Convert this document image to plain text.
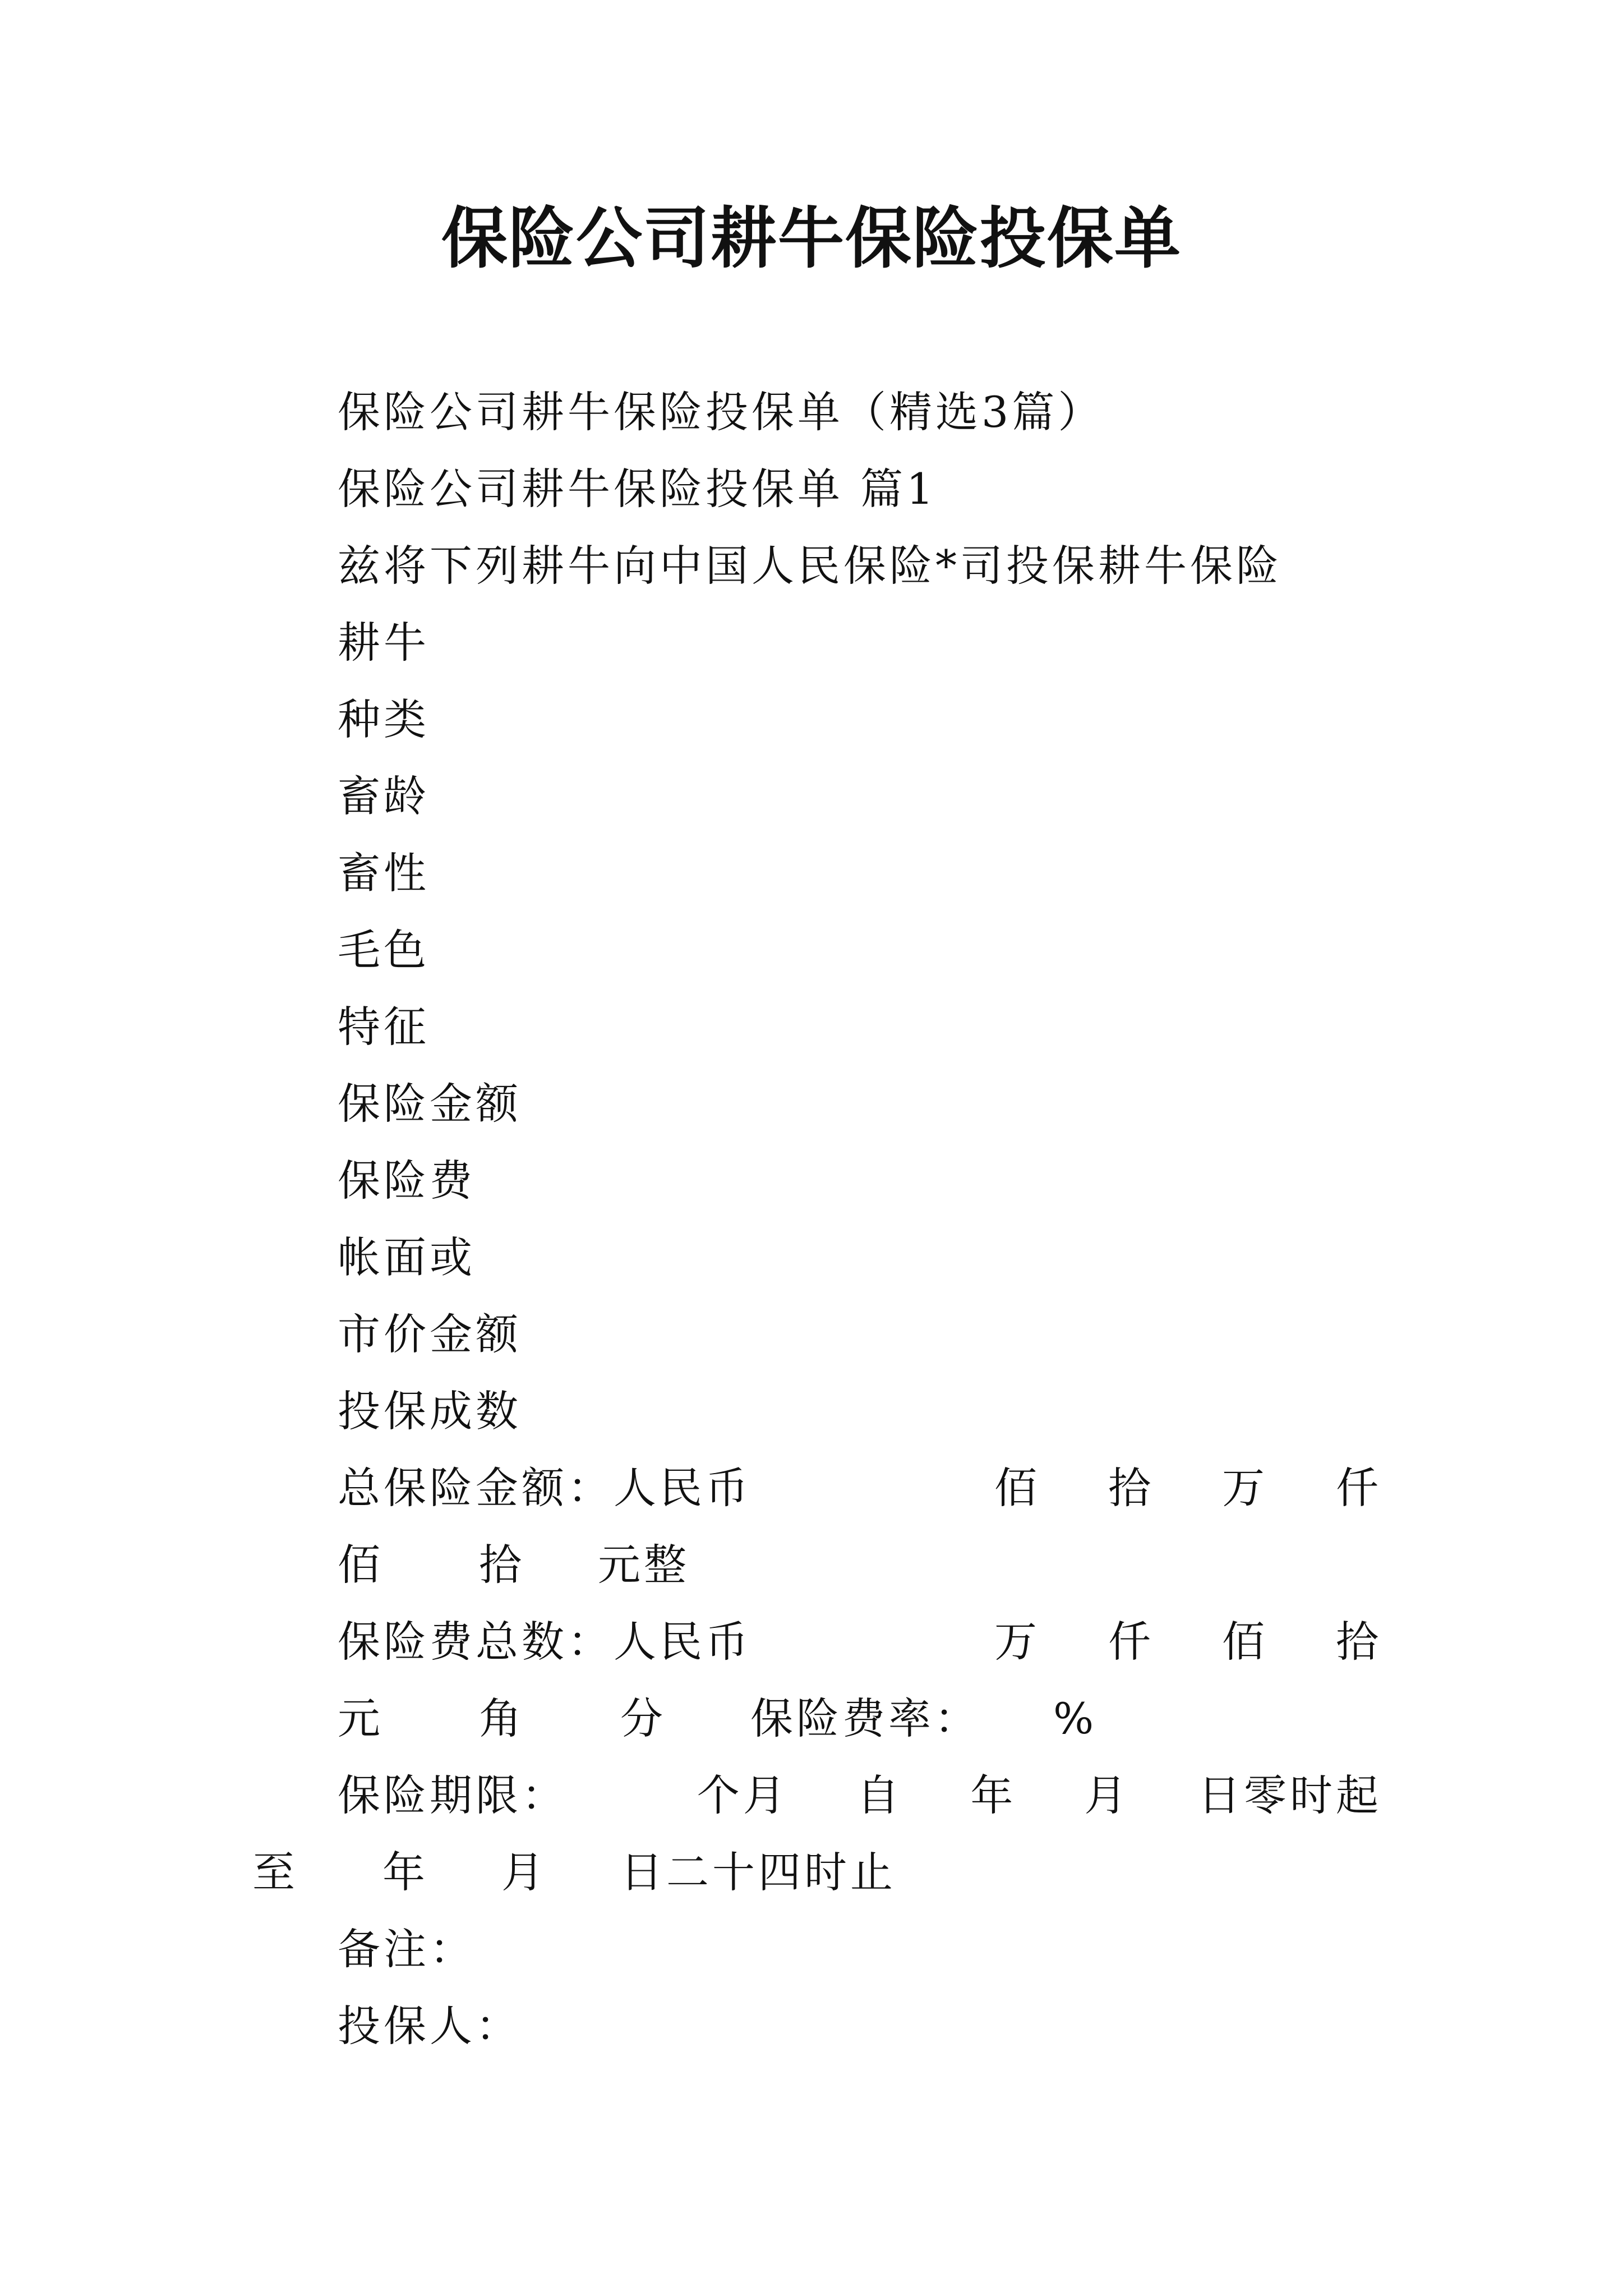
保险公司耕牛保险投保单
保险公司耕牛保险投保单（精选3篇）
保险公司耕牛保险投保单 篇1
兹将下列耕牛向中国人民保险*司投保耕牛保险
耕牛
种类
畜龄
畜性
毛色
特征
保险金额
保险费
帐面或
市价金额
投保成数
总保险金额：人民币	佰 拾 万 仟
佰 拾 元整
保险费总数：人民币	万 仟 佰 拾
元 角 分 保险费率： %
保险期限：	个月 自 年 月 日零时起
至 年 月 日二十四时止
备注：
投保人：
